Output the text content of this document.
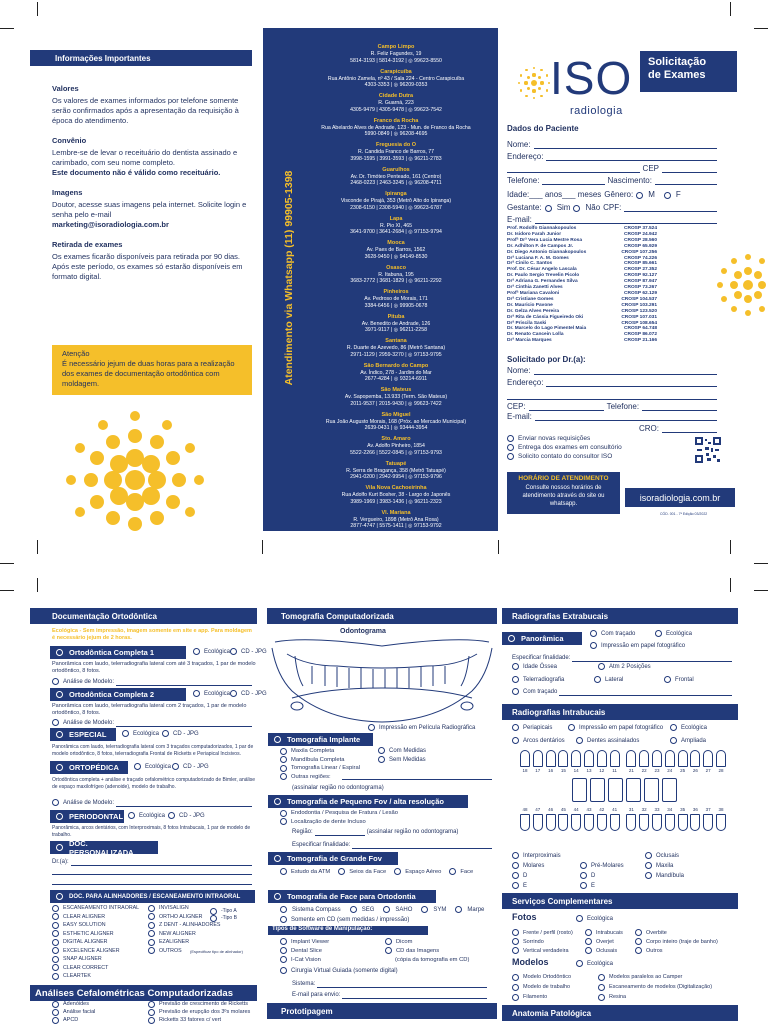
Informações Importantes
Valores
Os valores de exames informados por telefone somente serão confirmados após a apresentação da requisição à época do atendimento.
Convênio
Lembre-se de levar o receituário do dentista assinado e carimbado, com seu nome completo.
Este documento não é válido como receituário.
Imagens
Doutor, acesse suas imagens pela internet. Solicite login e senha pelo e-mail
marketing@isoradiologia.com.br
Retirada de exames
Os exames ficarão disponíveis para retirada por 90 dias. Após este período, os exames só estarão disponíveis em formato digital.
Atenção
É necessário jejum de duas horas para a realização dos exames de documentação ortodôntica com moldagem.	Atendimento via Whatsapp (11) 99905-1398
Campo Limpo
R. Feliz Fagundes, 19
5814-3193 | 5814-3192 | ◎ 99623-8550
Carapicuíba
Rua Antônio Zamela, nº 43 / Sala 224 - Centro Carapicuíba
4303-3353 | ◎ 96209-0353
Cidade Dutra
R. Guarná, 223
4305-9479 | 4305-9478 | ◎ 99623-7542
Franco da Rocha
Rua Abelardo Alves de Andrade, 123 - Mun. de Franco da Rocha
5990-0849 | ◎ 96208-4695
Freguesia do Ó
R. Candida Franco de Barros, 77
3998-1595 | 3991-3593 | ◎ 96211-2783
Guarulhos
Av. Dr. Timóteo Penteado, 161 (Centro)
2468-0223 | 2463-3245 | ◎ 96208-4711
Ipiranga
Visconde de Pirajá, 353 (Metrô Alto do Ipiranga)
2308-6150 | 2308-5940 | ◎ 99623-6787
Lapa
R. Pio XI, 465
3641-9700 | 3641-2684 | ◎ 97153-9794
Mooca
Av. Paes de Barros, 1562
3628-9450 | ◎ 94149-8530
Osasco
R. Itabuna, 195
3683-2772 | 3681-1829 | ◎ 96211-2292
Pinheiros
Av. Pedroso de Morais, 171
3384-6456 | ◎ 99905-0678
Pituba
Av. Benedito de Andrade, 126
3971-9117 | ◎ 96211-2258
Santana
R. Duarte de Azevedo, 86 (Metrô Santana)
2971-1129 | 2959-3270 | ◎ 97153-9795
São Bernardo do Campo
Av. Índico, 278 - Jardim do Mar
2677-4284 | ◎ 93214-6911
São Mateus
Av. Sapopemba, 13.933 (Term. São Mateus)
2011-9537 | 2015-9430 | ◎ 99623-7422
São Miguel
Rua João Augusto Morais, 168 (Próx. ao Mercado Municipal)
2639-0431 | ◎ 93444-3954
Sto. Amaro
Av. Adolfo Pinheiro, 1854
5522-2266 | 5522-0845 | ◎ 97153-9793
Tatuapé
R. Serra de Bragança, 358 (Metrô Tatuapé)
2941-0200 | 2942-9954 | ◎ 97153-9796
Vila Nova Cachoeirinha
Rua Adolfo Kurt Bosher, 38 - Largo do Japonês
3989-1969 | 3983-1436 | ◎ 96211-2323
Vl. Mariana
R. Vergueiro, 1898 (Metrô Ana Rosa)
2877-4747 | 5575-1411 | ◎ 97153-9792
ISO
radiologia
Solicitação
de Exames
Dados do Paciente
Nome:
Endereço:
CEP
Telefone:	Nascimento:
Idade:___ anos___ meses Gênero: M	F
Gestante: Sim Não CPF:
E-mail:
Prof. Rodolfo Giannakopoulos	CROSP 37.524
Dr. Isidoro Farah Junior	CROSP 24.942
Profª Drª Vera Lucia Mestre Rosa	CROSP 28.560
Dr. Adhilton F. de Campos Jr.	CROSP 65.929
Dr. Diego Antonio Giannakopoulos	CROSP 107.256
Drª Luciana F. A. M. Gomes	CROSP 74.226
Drª Cinilo C. Santos	CROSP 85.661
Prof. Dr. César Angelo Lascala	CROSP 27.352
Dr. Paulo Sergio Trevelin Picolo	CROSP 92.127
Drª Adriana G. Fernandes Silva	CROSP 87.947
Drª Cinthia Zanetti Alves	CROSP 73.267
Profª Mariana Cavaloni	CROSP 62.129
Drª Cristiane Gomes	CROSP 104.537
Dr. Mauricio Pavone	CROSP 103.291
Dr. Gelza Alves Pereira	CROSP 123.520
Drª Rita de Cássia Figueiredo Oki	CROSP 107.031
Drª Priscila Saski	CROSP 108.654
Dr. Marcelo do Lago Pimentel Maia	CROSP 64.748
Dr. Renato Cancein Lolla	CROSP 86.072
Drª Marcia Marques	CROSP 21.166
Solicitado por Dr.(a):
Nome:
Endereço:
CEP:	Telefone:
E-mail:
CRO:
Enviar novas requisições
Entrega dos exames em consultório
Solicito contato do consultor ISO
HORÁRIO DE ATENDIMENTO
Consulte nossos horários de atendimento através do site ou whatsapp.
isoradiologia.com.br
CÓD. 001 - 7ª Edição 03/2022
Documentação Ortodôntica
Ecológica - Sem impressão, imagem somente em site e app. Para moldagem é necessário jejum de 2 horas.
Ortodôntica Completa 1	Ecológica CD - JPG
Panorâmica com laudo, telerradiografia lateral com até 3 traçados, 1 par de modelo ortodôntico, 8 fotos.
Análise de Modelo:
Ortodôntica Completa 2	Ecológica CD - JPG
Panorâmica com laudo, telerradiografia lateral com 2 traçados, 1 par de modelo ortodôntico, 8 fotos.
Análise de Modelo:
ESPECIAL	Ecológica CD - JPG
Panorâmica com laudo, telerradiografia lateral com 3 traçados computadorizados, 1 par de modelo ortodôntico, 8 fotos, telerradiografia Frontal de Ricketts e Periapical Incisivos.
ORTOPÉDICA	Ecológica CD - JPG
Ortodôntica completa + análise e traçado cefalométrico computadorizado de Bimler, análise de espaço maxilofrígeo (adenoide), modelo de trabalho.
Análise de Modelo:
PERIODONTAL	Ecológica CD - JPG
Panorâmica, arcos dentários, com Interproximais, 8 fotos Intrabucais, 1 par de modelo de trabalho.
DOC. PERSONALIZADA
Dr.(a):
DOC. PARA ALINHADORES / ESCANEAMENTO INTRAORAL
ESCANEAMENTO INTRAORAL
CLEAR ALIGNER
EASY SOLUTION
ESTHETIC ALIGNER
DIGITAL ALIGNER
EXCELENCE ALIGNER
SNAP ALIGNER
CLEAR CORRECT
CLEARTEK
INVISALIGN
ORTHO ALIGNER
Z DENT - ALINHADORES
NEW ALIGNER
EZALIGNER
OUTROS
-Tipo A
-Tipo B
(Especificar tipo de alinhador)
Análises Cefalométricas Computadorizadas
Adenóides
Análise facial
APCD
Previsão de crescimento de Ricketts
Previsão de erupção dos 3ºs molares
Ricketts 33 fatores c/ vert
Tomografia Computadorizada
Odontograma
Impressão em Película Radiográfica
Tomografia Implante
Maxila Completa
Mandíbula Completa
Tomografia Linear / Espiral
Outras regiões:
Com Medidas
Sem Medidas
(assinalar região no odontograma)
Tomografia de Pequeno Fov / alta resolução
Endodontia / Pesquisa de Fratura / Lesão
Localização de dente Incluso
Região:	(assinalar região no odontograma)
Especificar finalidade:
Tomografia de Grande Fov
Estudo da ATM	Seios da Face	Espaço Aéreo	Face
Tomografia de Face para Ortodontia
Sistema Compass	SEG	SAHO	SYM	Marpe
Somente em CD (sem medidas / impressão)
Tipos de Software de Manipulação:
Implant Viewer
Dental Slice
I-Cat Vision
Dicom
CD das Imagens
(cópia da tomografia em CD)
Cirurgia Virtual Guiada (somente digital)
Sistema:
E-mail para envio:
Prototipagem
Radiografias Extrabucais
Panorâmica
Com traçado	Ecológica
Impressão em papel fotográfico
Especificar finalidade:
Idade Óssea	Atm 2 Posições
Telerradiografia	Lateral	Frontal
Com traçado
Radiografias Intrabucais
Periapicais	Impressão em papel fotográfico	Ecológica
Arcos dentários	Dentes assinalados	Ampliada
18	17	16	15	14	13	12	11	21	22	23	24	25	26	27	28
48	47	46	45	44	43	42	41	31	32	33	34	35	36	37	38
Interproximais	Oclusais
Molares	Pré-Molares	Maxila
D	D	Mandíbula
E	E
Serviços Complementares
Fotos	Ecológica
Frente / perfil (rosto)
Sorrindo
Vertical verdadeira
Intrabucais
Overjet
Oclusais
Overbite
Corpo inteiro (traje de banho)
Outros
Modelos	Ecológica
Modelo Ortodôntico
Modelo de trabalho
Filamento
Modelos paralelos ao Camper
Escaneamento de modelos (Digitalização)
Resina
Anatomia Patológica
